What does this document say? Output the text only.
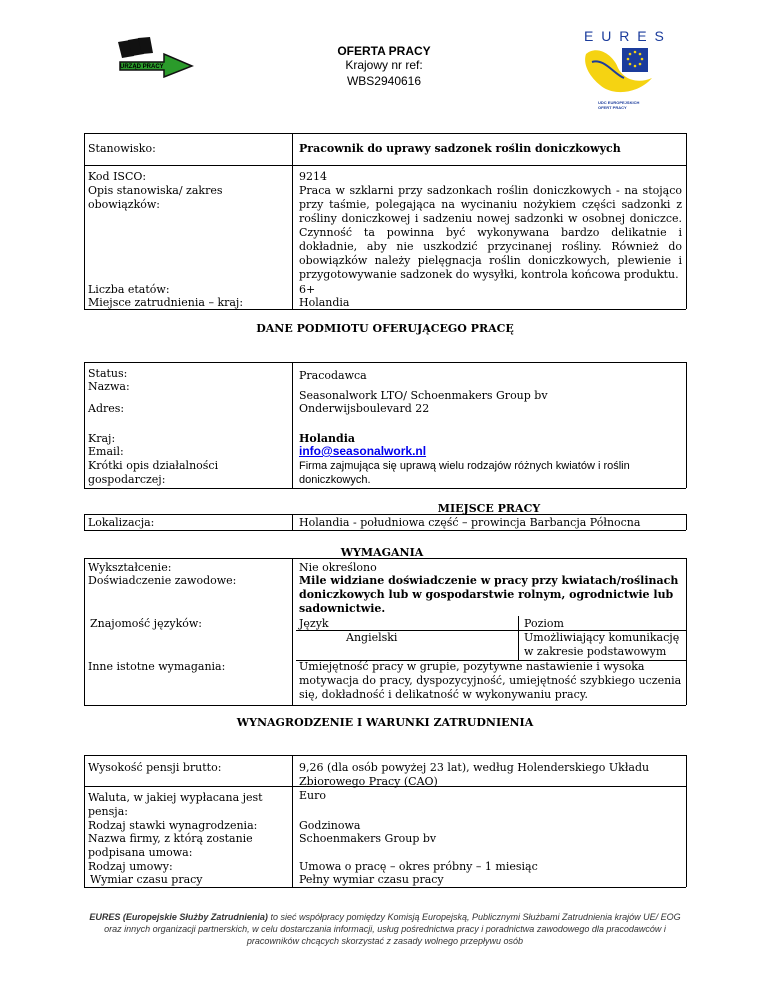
URZĄD PRACY
OFERTA PRACY
Krajowy nr ref:
WBS2940616
E U R E S
UDC EUROPEJSKICH OFERT PRACY
Stanowisko:	Pracownik do uprawy sadzonek roślin doniczkowych
Kod ISCO:	9214
Opis stanowiska/ zakres obowiązków:
Praca w szklarni przy sadzonkach roślin doniczkowych - na stojąco przy taśmie, polegająca na wycinaniu nożykiem części sadzonki z rośliny doniczkowej i sadzeniu nowej sadzonki w osobnej doniczce. Czynność ta powinna być wykonywana bardzo delikatnie i dokładnie, aby nie uszkodzić przycinanej rośliny. Również do obowiązków należy pielęgnacja roślin doniczkowych, plewienie i przygotowywanie sadzonek do wysyłki, kontrola końcowa produktu.
Liczba etatów:	6+
Miejsce zatrudnienia – kraj:	Holandia
DANE PODMIOTU OFERUJĄCEGO PRACĘ
Status:	Pracodawca
Nazwa:
Seasonalwork LTO/ Schoenmakers Group bv
Adres:	Onderwijsboulevard 22
Kraj:	Holandia
Email:	info@seasonalwork.nl
Krótki opis działalności gospodarczej:
Firma zajmująca się uprawą wielu rodzajów różnych kwiatów i roślin doniczkowych.
MIEJSCE PRACY
Lokalizacja:	Holandia - południowa część – prowincja Barbancja Północna
WYMAGANIA
Wykształcenie:	Nie określono
Doświadczenie zawodowe:	Mile widziane doświadczenie w pracy przy kwiatach/roślinach doniczkowych lub w gospodarstwie rolnym, ogrodnictwie lub sadownictwie.
Znajomość języków:	Język	Poziom
Angielski	Umożliwiający komunikację w zakresie podstawowym
Inne istotne wymagania:	Umiejętność pracy w grupie, pozytywne nastawienie i wysoka motywacja do pracy, dyspozycyjność, umiejętność szybkiego uczenia się, dokładność i delikatność w wykonywaniu pracy.
WYNAGRODZENIE I WARUNKI ZATRUDNIENIA
Wysokość pensji brutto:	9,26 (dla osób powyżej 23 lat), według Holenderskiego Układu Zbiorowego Pracy (CAO)
Waluta, w jakiej wypłacana jest pensja:
Euro
Rodzaj stawki wynagrodzenia:	Godzinowa
Nazwa firmy, z którą zostanie podpisana umowa:
Schoenmakers Group bv
Rodzaj umowy:	Umowa o pracę – okres próbny – 1 miesiąc
Wymiar czasu pracy	Pełny wymiar czasu pracy
EURES (Europejskie Służby Zatrudnienia) to sieć współpracy pomiędzy Komisją Europejską, Publicznymi Służbami Zatrudnienia krajów UE/ EOG oraz innych organizacji partnerskich, w celu dostarczania informacji, usług pośrednictwa pracy i poradnictwa zawodowego dla pracodawców i pracowników chcących skorzystać z zasady wolnego przepływu osób
